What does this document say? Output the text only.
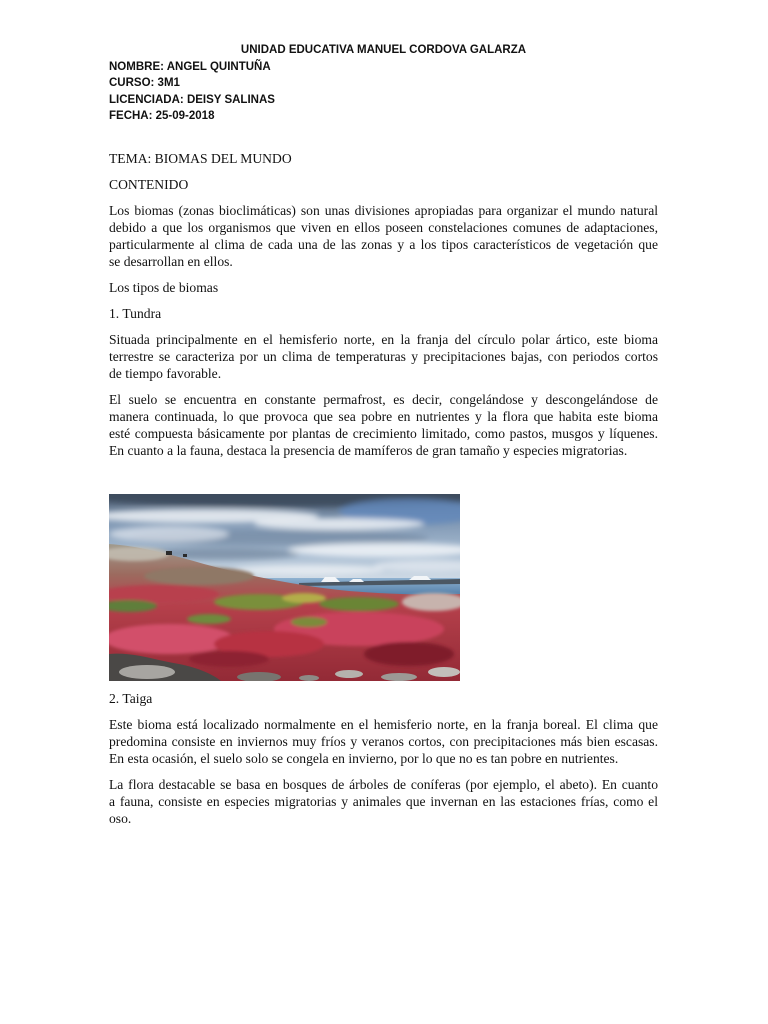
UNIDAD EDUCATIVA MANUEL CORDOVA GALARZA
NOMBRE: ANGEL QUINTUÑA
CURSO: 3M1
LICENCIADA: DEISY SALINAS
FECHA: 25-09-2018
TEMA: BIOMAS DEL MUNDO
CONTENIDO
Los biomas (zonas bioclimáticas) son unas divisiones apropiadas para organizar el mundo natural
debido a que los organismos que viven en ellos poseen constelaciones comunes de adaptaciones,
particularmente al clima de cada una de las zonas y a los tipos característicos de vegetación que
se desarrollan en ellos.
Los tipos de biomas
1. Tundra
Situada principalmente en el hemisferio norte, en la franja del círculo polar ártico, este bioma
terrestre se caracteriza por un clima de temperaturas y precipitaciones bajas, con periodos cortos
de tiempo favorable.
El suelo se encuentra en constante permafrost, es decir, congelándose y descongelándose de
manera continuada, lo que provoca que sea pobre en nutrientes y la flora que habita este bioma
esté compuesta básicamente por plantas de crecimiento limitado, como pastos, musgos y líquenes.
En cuanto a la fauna, destaca la presencia de mamíferos de gran tamaño y especies migratorias.
2. Taiga
Este bioma está localizado normalmente en el hemisferio norte, en la franja boreal. El clima que
predomina consiste en inviernos muy fríos y veranos cortos, con precipitaciones más bien escasas.
En esta ocasión, el suelo solo se congela en invierno, por lo que no es tan pobre en nutrientes.
La flora destacable se basa en bosques de árboles de coníferas (por ejemplo, el abeto). En cuanto
a fauna, consiste en especies migratorias y animales que invernan en las estaciones frías, como el
oso.
